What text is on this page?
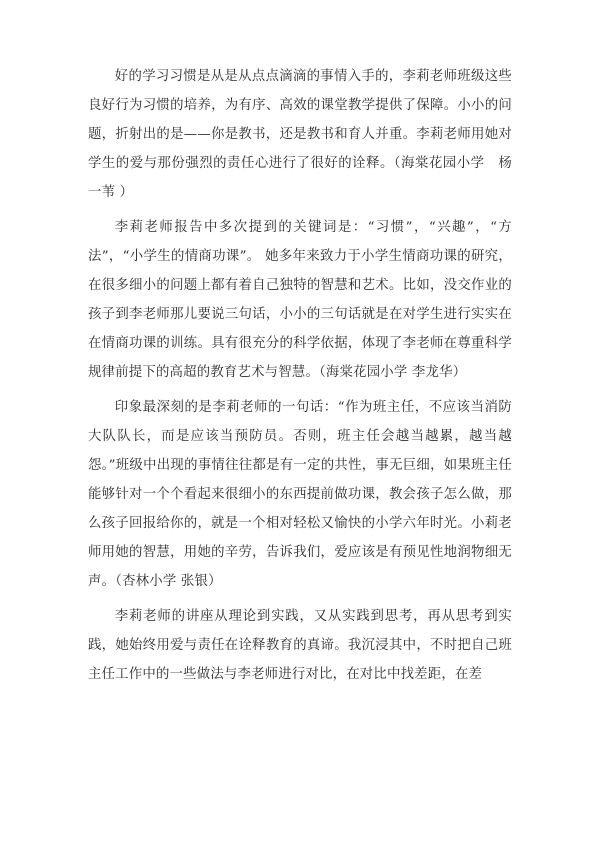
好的学习习惯是从是从点点滴滴的事情入手的，李莉老师班级这些良好行为习惯的培养，为有序、高效的课堂教学提供了保障。小小的问题，折射出的是——你是教书，还是教书和育人并重。李莉老师用她对学生的爱与那份强烈的责任心进行了很好的诠释。（海棠花园小学　杨一苇 ）

李莉老师报告中多次提到的关键词是：“习惯”，“兴趣”，“方法”，“小学生的情商功课”。 她多年来致力于小学生情商功课的研究，在很多细小的问题上都有着自己独特的智慧和艺术。比如，没交作业的孩子到李老师那儿要说三句话，小小的三句话就是在对学生进行实实在在情商功课的训练。具有很充分的科学依据，体现了李老师在尊重科学规律前提下的高超的教育艺术与智慧。（海棠花园小学 李龙华）

印象最深刻的是李莉老师的一句话：“作为班主任，不应该当消防大队队长，而是应该当预防员。否则，班主任会越当越累，越当越怨。”班级中出现的事情往往都是有一定的共性，事无巨细，如果班主任能够针对一个个看起来很细小的东西提前做功课，教会孩子怎么做，那么孩子回报给你的，就是一个相对轻松又愉快的小学六年时光。小莉老师用她的智慧，用她的辛劳，告诉我们，爱应该是有预见性地润物细无声。（杏林小学 张银）

李莉老师的讲座从理论到实践，又从实践到思考，再从思考到实践，她始终用爱与责任在诠释教育的真谛。我沉浸其中，不时把自己班主任工作中的一些做法与李老师进行对比，在对比中找差距，在差
